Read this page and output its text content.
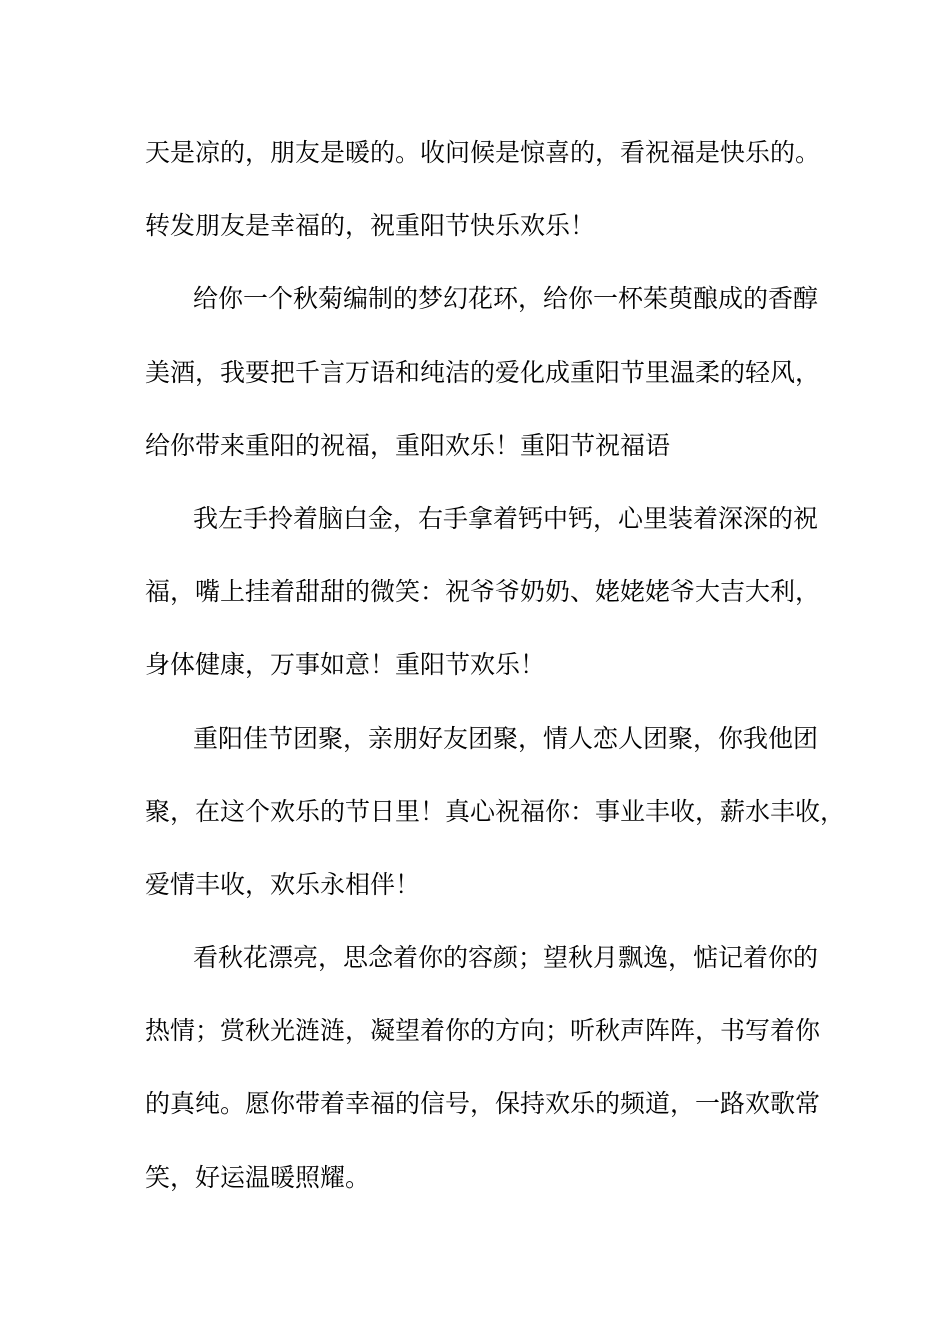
天是凉的，朋友是暖的。收问候是惊喜的，看祝福是快乐的。
转发朋友是幸福的，祝重阳节快乐欢乐！
给你一个秋菊编制的梦幻花环，给你一杯茱萸酿成的香醇
美酒，我要把千言万语和纯洁的爱化成重阳节里温柔的轻风，
给你带来重阳的祝福，重阳欢乐！重阳节祝福语
我左手拎着脑白金，右手拿着钙中钙，心里装着深深的祝
福，嘴上挂着甜甜的微笑：祝爷爷奶奶、姥姥姥爷大吉大利，
身体健康，万事如意！重阳节欢乐！
重阳佳节团聚，亲朋好友团聚，情人恋人团聚，你我他团
聚，在这个欢乐的节日里！真心祝福你：事业丰收，薪水丰收，
爱情丰收，欢乐永相伴！
看秋花漂亮，思念着你的容颜；望秋月飘逸，惦记着你的
热情；赏秋光涟涟，凝望着你的方向；听秋声阵阵，书写着你
的真纯。愿你带着幸福的信号，保持欢乐的频道，一路欢歌常
笑，好运温暖照耀。
